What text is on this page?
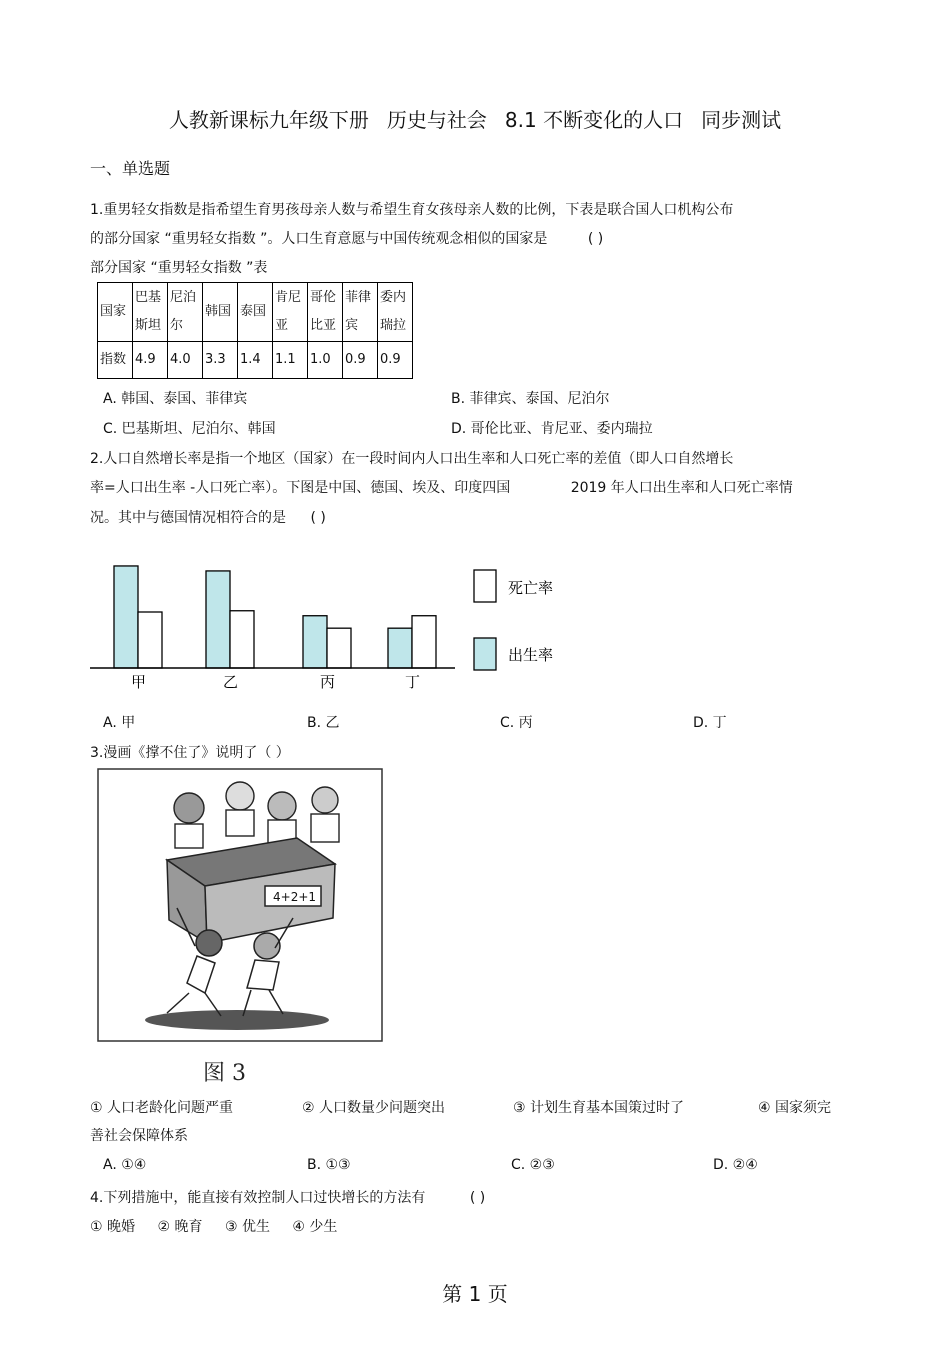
人教新课标九年级下册 历史与社会 8.1 不断变化的人口 同步测试
一、单选题
1.重男轻女指数是指希望生育男孩母亲人数与希望生育女孩母亲人数的比例，下表是联合国人口机构公布
的部分国家 “重男轻女指数 ”。人口生育意愿与中国传统观念相似的国家是	( )
部分国家 “重男轻女指数 ”表
国家	巴基斯坦	尼泊尔	韩国	泰国	肯尼亚	哥伦比亚	菲律宾	委内瑞拉
指数	4.9	4.0	3.3	1.4	1.1	1.0	0.9	0.9
A. 韩国、泰国、菲律宾	B. 菲律宾、泰国、尼泊尔
C. 巴基斯坦、尼泊尔、韩国	D. 哥伦比亚、肯尼亚、委内瑞拉
2.人口自然增长率是指一个地区（国家）在一段时间内人口出生率和人口死亡率的差值（即人口自然增长
率=人口出生率 -人口死亡率）。下图是中国、德国、埃及、印度四国	2019 年人口出生率和人口死亡率情
况。其中与德国情况相符合的是 ( )
甲	乙	丙	丁
死亡率
出生率
A. 甲	B. 乙	C. 丙	D. 丁
3.漫画《撑不住了》说明了（ ）
4+2+1
图 3
① 人口老龄化问题严重	② 人口数量少问题突出	③ 计划生育基本国策过时了	④ 国家须完
善社会保障体系
A. ①④	B. ①③	C. ②③	D. ②④
4.下列措施中，能直接有效控制人口过快增长的方法有	( )
① 晚婚 ② 晚育 ③ 优生 ④ 少生
第 1 页
